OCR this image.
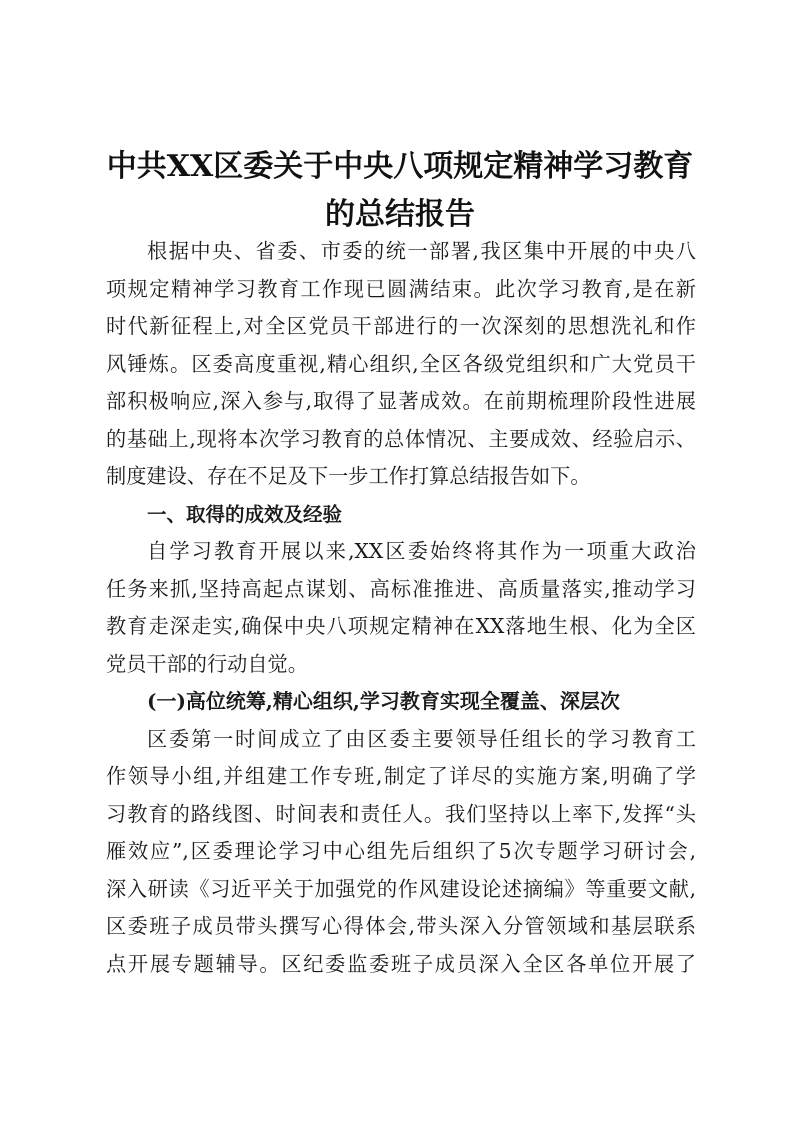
中共XX区委关于中央八项规定精神学习教育
的总结报告
根据中央、省委、市委的统一部署,我区集中开展的中央八
项规定精神学习教育工作现已圆满结束。此次学习教育,是在新
时代新征程上,对全区党员干部进行的一次深刻的思想洗礼和作
风锤炼。区委高度重视,精心组织,全区各级党组织和广大党员干
部积极响应,深入参与,取得了显著成效。在前期梳理阶段性进展
的基础上,现将本次学习教育的总体情况、主要成效、经验启示、
制度建设、存在不足及下一步工作打算总结报告如下。
一、取得的成效及经验
自学习教育开展以来,XX区委始终将其作为一项重大政治
任务来抓,坚持高起点谋划、高标准推进、高质量落实,推动学习
教育走深走实,确保中央八项规定精神在XX落地生根、化为全区
党员干部的行动自觉。
(一)高位统筹,精心组织,学习教育实现全覆盖、深层次
区委第一时间成立了由区委主要领导任组长的学习教育工
作领导小组,并组建工作专班,制定了详尽的实施方案,明确了学
习教育的路线图、时间表和责任人。我们坚持以上率下,发挥“头
雁效应”,区委理论学习中心组先后组织了5次专题学习研讨会,
深入研读《习近平关于加强党的作风建设论述摘编》等重要文献,
区委班子成员带头撰写心得体会,带头深入分管领域和基层联系
点开展专题辅导。区纪委监委班子成员深入全区各单位开展了
